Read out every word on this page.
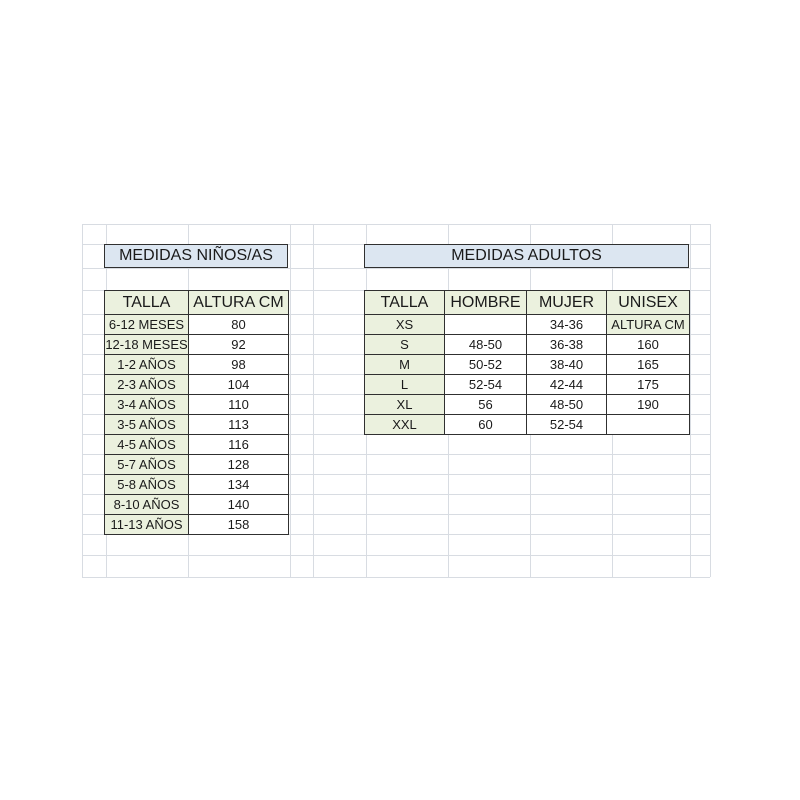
MEDIDAS NIÑOS/AS	MEDIDAS ADULTOS
TALLA	ALTURA CM
6-12 MESES	80
12-18 MESES	92
1-2 AÑOS	98
2-3 AÑOS	104
3-4 AÑOS	110
3-5 AÑOS	113
4-5 AÑOS	116
5-7 AÑOS	128
5-8 AÑOS	134
8-10 AÑOS	140
11-13 AÑOS	158
TALLA	HOMBRE	MUJER	UNISEX
XS		34-36	ALTURA CM
S	48-50	36-38	160
M	50-52	38-40	165
L	52-54	42-44	175
XL	56	48-50	190
XXL	60	52-54	
